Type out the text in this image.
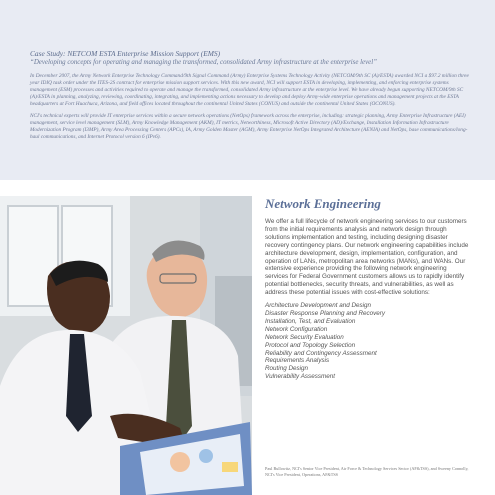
Case Study: NETCOM ESTA Enterprise Mission Support (EMS)

“Developing concepts for operating and managing the transformed, consolidated Army infrastructure at the enterprise level”

In December 2007, the Army Network Enterprise Technology Command/9th Signal Command (Army) Enterprise Systems Technology Activity (NETCOM/9th SC (A)/ESTA) awarded NCI a $97.2 million three year IDIQ task order under the ITES-2S contract for enterprise mission support services. With this new award, NCI will support ESTA in developing, implementing, and enforcing enterprise systems management (ESM) processes and activities required to operate and manage the transformed, consolidated Army infrastructure at the enterprise level. We have already begun supporting NETCOM/9th SC (A)/ESTA in planning, analyzing, reviewing, coordinating, integrating, and implementing actions necessary to develop and deploy Army-wide enterprise operations and management projects at the ESTA headquarters at Fort Huachuca, Arizona, and field offices located throughout the continental United States (CONUS) and outside the continental United States (OCONUS).

NCI's technical experts will provide IT enterprise services within a secure network operations (NetOps) framework across the enterprise, including: strategic planning, Army Enterprise Infrastructure (AEI) management, service level management (SLM), Army Knowledge Management (AKM), IT metrics, Networthiness, Microsoft Active Directory (AD)/Exchange, Installation Information Infrastructure Modernization Program (I3MP), Army Area Processing Centers (APCs), IA, Army Golden Master (AGM), Army Enterprise NetOps Integrated Architecture (AENIA) and NetOps, base communications/long-haul communications, and Internet Protocol version 6 (IPv6).

Network Engineering

We offer a full lifecycle of network engineering services to our customers from the initial requirements analysis and network design through solutions implementation and testing, including designing disaster recovery contingency plans. Our network engineering capabilities include architecture development, design, implementation, configuration, and operation of LANs, metropolitan area networks (MANs), and WANs. Our extensive experience providing the following network engineering services for Federal Government customers allows us to rapidly identify potential bottlenecks, security threats, and vulnerabilities, as well as address these potential issues with cost-effective solutions:

Architecture Development and Design
Disaster Response Planning and Recovery
Installation, Test, and Evaluation
Network Configuration
Network Security Evaluation
Protocol and Topology Selection
Reliability and Contingency Assessment
Requirements Analysis
Routing Design
Vulnerability Assessment
Paul Bullowitz, NCI's Senior Vice President, Air Force & Technology Services Sector (AF&TSS), and Sweeny Connolly, NCI's Vice President, Operations, AF&TSS
